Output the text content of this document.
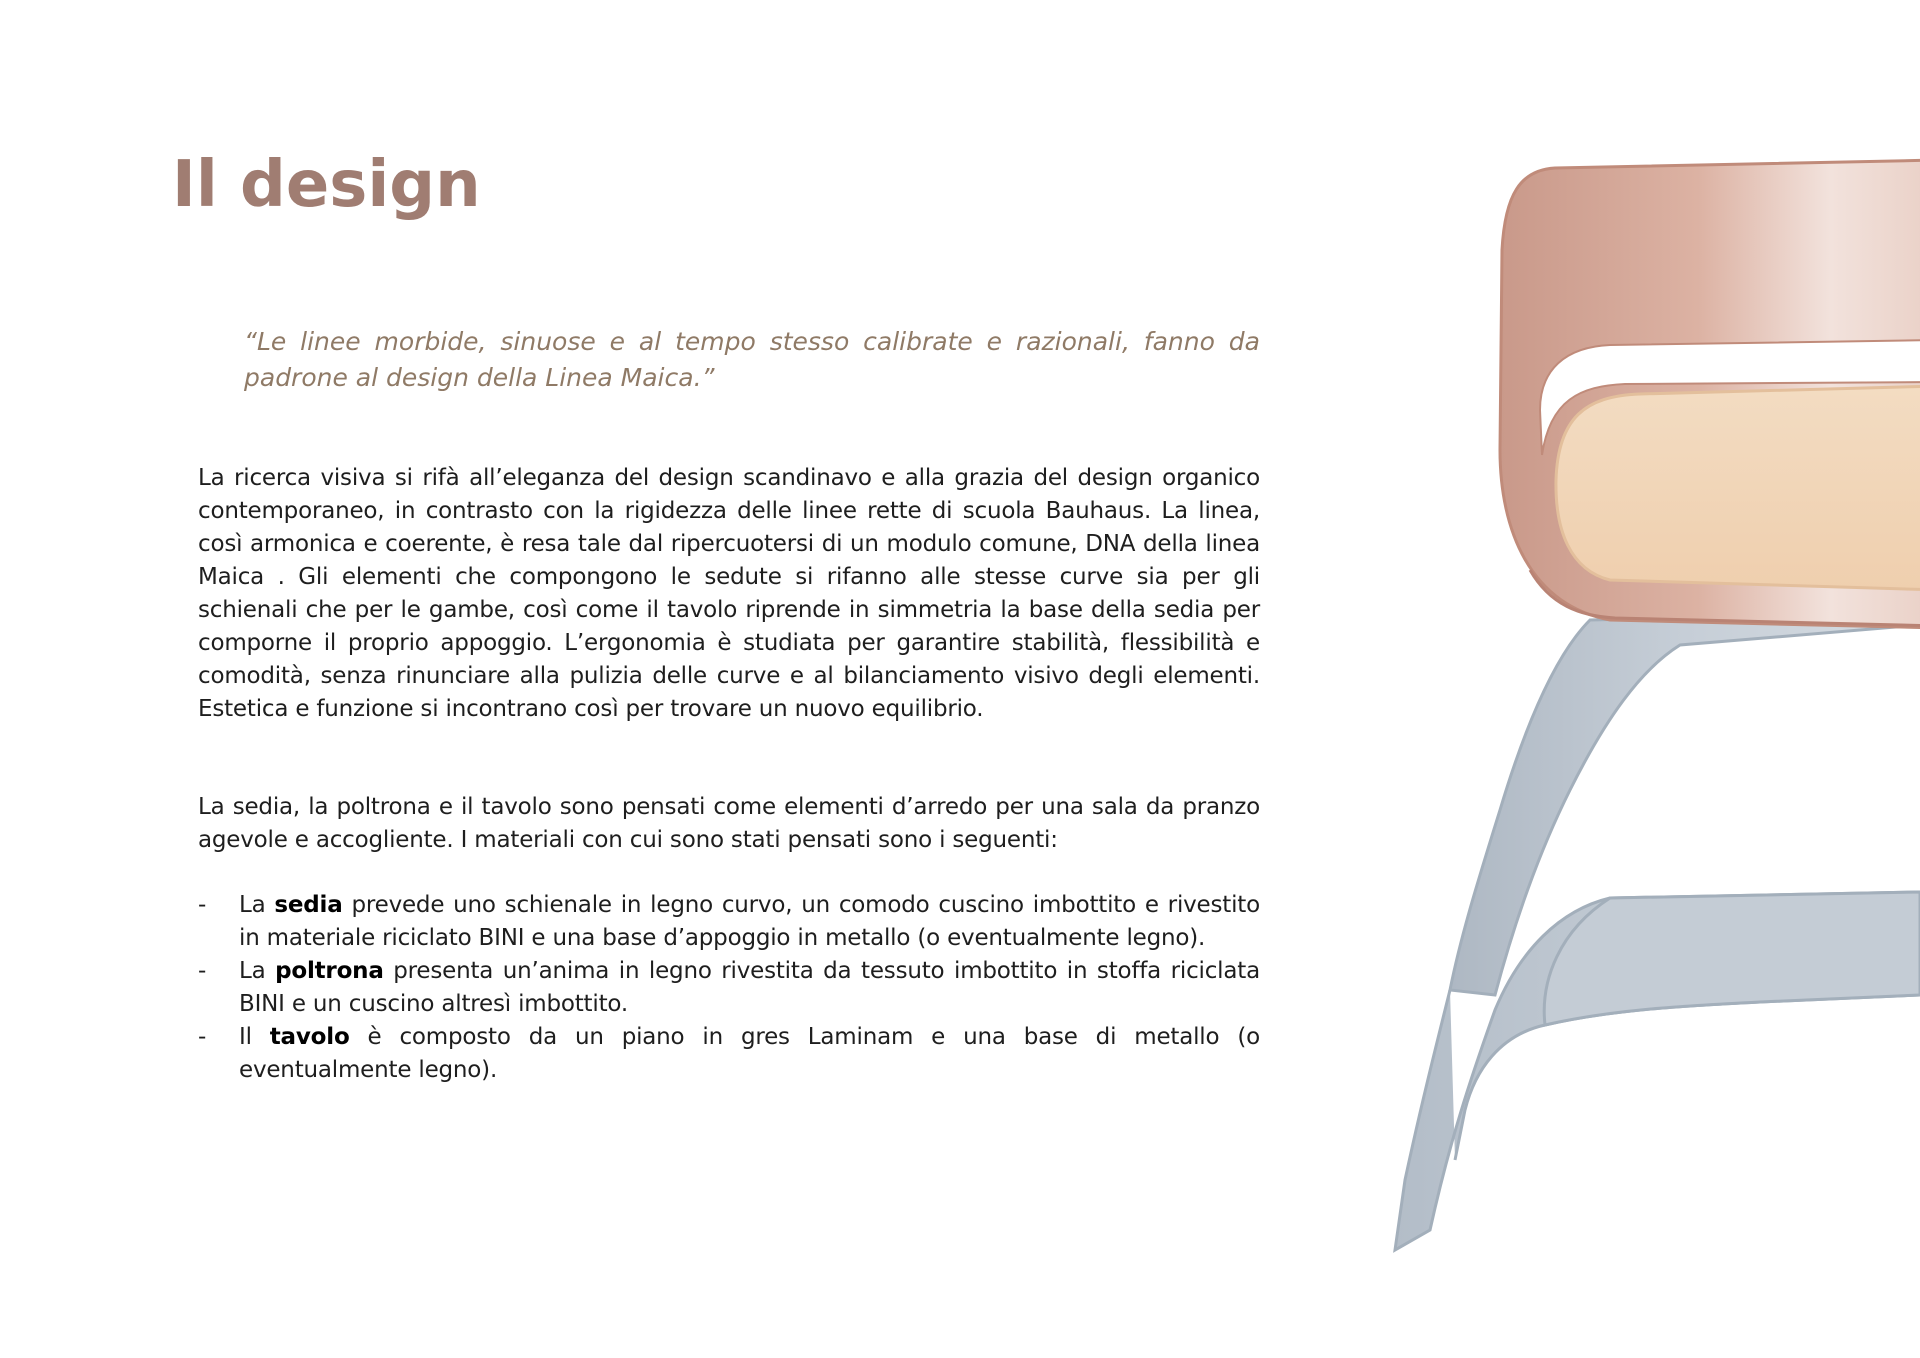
Il design

“Le linee morbide, sinuose e al tempo stesso calibrate e razionali, fanno da padrone al design della Linea Maica.”

La ricerca visiva si rifà all’eleganza del design scandinavo e alla grazia del design organico contemporaneo, in contrasto con la rigidezza delle linee rette di scuola Bauhaus. La linea, così armonica e coerente, è resa tale dal ripercuotersi di un modulo comune, DNA della linea Maica . Gli elementi che compongono le sedute si rifanno alle stesse curve sia per gli schienali che per le gambe, così come il tavolo riprende in simmetria la base della sedia per comporne il proprio appoggio. L’ergonomia è studiata per garantire stabilità, flessibilità e comodità, senza rinunciare alla pulizia delle curve e al bilanciamento visivo degli elementi. Estetica e funzione si incontrano così per trovare un nuovo equilibrio.

La sedia, la poltrona e il tavolo sono pensati come elementi d’arredo per una sala da pranzo agevole e accogliente. I materiali con cui sono stati pensati sono i seguenti:

- La sedia prevede uno schienale in legno curvo, un comodo cuscino imbottito e rivestito in materiale riciclato BINI e una base d’appoggio in metallo (o eventualmente legno).
- La poltrona presenta un’anima in legno rivestita da tessuto imbottito in stoffa riciclata BINI e un cuscino altresì imbottito.
- Il tavolo è composto da un piano in gres Laminam e una base di metallo (o eventualmente legno).
